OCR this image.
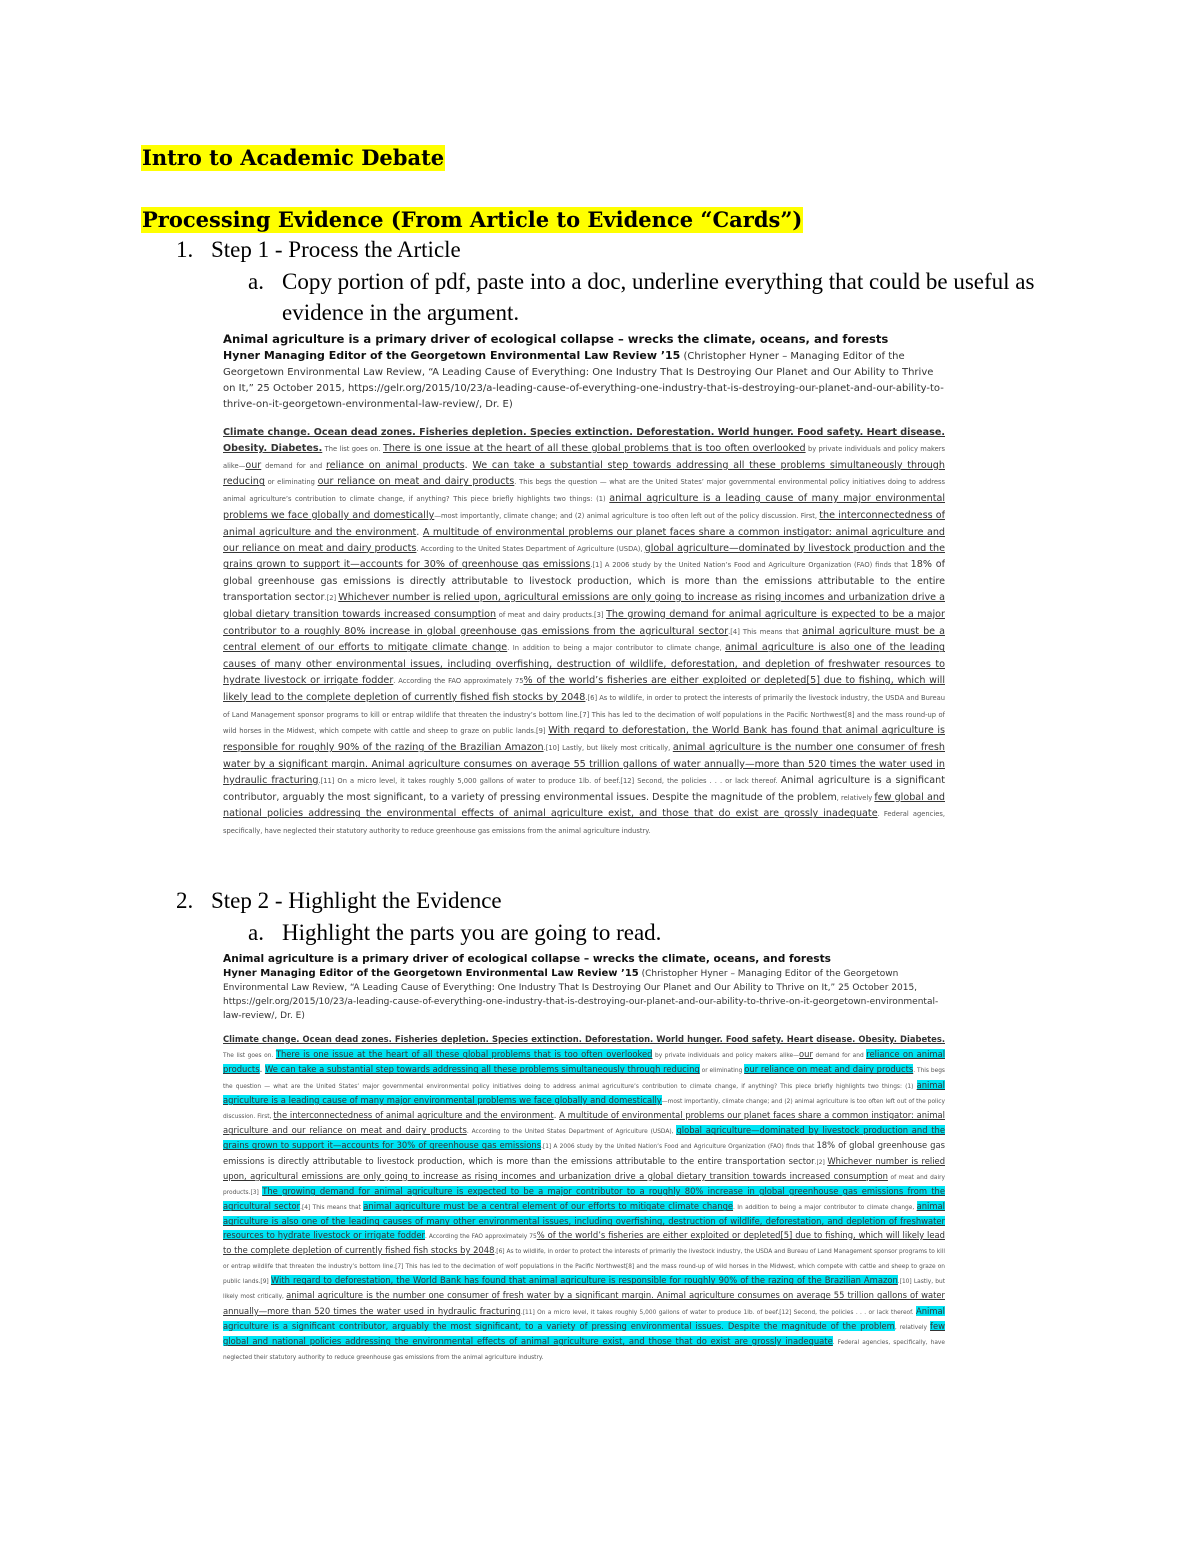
Intro to Academic Debate
Processing Evidence (From Article to Evidence “Cards”)
1. Step 1 - Process the Article
a. Copy portion of pdf, paste into a doc, underline everything that could be useful as evidence in the argument.

Animal agriculture is a primary driver of ecological collapse – wrecks the climate, oceans, and forests

Hyner Managing Editor of the Georgetown Environmental Law Review ’15 (Christopher Hyner – Managing Editor of the Georgetown Environmental Law Review, “A Leading Cause of Everything: One Industry That Is Destroying Our Planet and Our Ability to Thrive on It,” 25 October 2015, https://gelr.org/2015/10/23/a-leading-cause-of-everything-one-industry-that-is-destroying-our-planet-and-our-ability-to-thrive-on-it-georgetown-environmental-law-review/, Dr. E)

Climate change. Ocean dead zones. Fisheries depletion. Species extinction. Deforestation. World hunger. Food safety. Heart disease. Obesity. Diabetes. The list goes on. There is one issue at the heart of all these global problems that is too often overlooked by private individuals and policy makers alike—our demand for and reliance on animal products. We can take a substantial step towards addressing all these problems simultaneously through reducing or eliminating our reliance on meat and dairy products. This begs the question — what are the United States’ major governmental environmental policy initiatives doing to address animal agriculture’s contribution to climate change, if anything? This piece briefly highlights two things: (1) animal agriculture is a leading cause of many major environmental problems we face globally and domestically—most importantly, climate change; and (2) animal agriculture is too often left out of the policy discussion. First, the interconnectedness of animal agriculture and the environment. A multitude of environmental problems our planet faces share a common instigator: animal agriculture and our reliance on meat and dairy products. According to the United States Department of Agriculture (USDA), global agriculture—dominated by livestock production and the grains grown to support it—accounts for 30% of greenhouse gas emissions.[1] A 2006 study by the United Nation’s Food and Agriculture Organization (FAO) finds that 18% of global greenhouse gas emissions is directly attributable to livestock production, which is more than the emissions attributable to the entire transportation sector.[2] Whichever number is relied upon, agricultural emissions are only going to increase as rising incomes and urbanization drive a global dietary transition towards increased consumption of meat and dairy products.[3] The growing demand for animal agriculture is expected to be a major contributor to a roughly 80% increase in global greenhouse gas emissions from the agricultural sector.[4] This means that animal agriculture must be a central element of our efforts to mitigate climate change. In addition to being a major contributor to climate change, animal agriculture is also one of the leading causes of many other environmental issues, including overfishing, destruction of wildlife, deforestation, and depletion of freshwater resources to hydrate livestock or irrigate fodder. According the FAO approximately 75% of the world’s fisheries are either exploited or depleted[5] due to fishing, which will likely lead to the complete depletion of currently fished fish stocks by 2048.[6] As to wildlife, in order to protect the interests of primarily the livestock industry, the USDA and Bureau of Land Management sponsor programs to kill or entrap wildlife that threaten the industry’s bottom line.[7] This has led to the decimation of wolf populations in the Pacific Northwest[8] and the mass round-up of wild horses in the Midwest, which compete with cattle and sheep to graze on public lands.[9] With regard to deforestation, the World Bank has found that animal agriculture is responsible for roughly 90% of the razing of the Brazilian Amazon.[10] Lastly, but likely most critically, animal agriculture is the number one consumer of fresh water by a significant margin. Animal agriculture consumes on average 55 trillion gallons of water annually—more than 520 times the water used in hydraulic fracturing.[11] On a micro level, it takes roughly 5,000 gallons of water to produce 1lb. of beef.[12] Second, the policies . . . or lack thereof. Animal agriculture is a significant contributor, arguably the most significant, to a variety of pressing environmental issues. Despite the magnitude of the problem, relatively few global and national policies addressing the environmental effects of animal agriculture exist, and those that do exist are grossly inadequate. Federal agencies, specifically, have neglected their statutory authority to reduce greenhouse gas emissions from the animal agriculture industry.

2. Step 2 - Highlight the Evidence
a. Highlight the parts you are going to read.

Animal agriculture is a primary driver of ecological collapse – wrecks the climate, oceans, and forests

Hyner Managing Editor of the Georgetown Environmental Law Review ’15 (Christopher Hyner – Managing Editor of the Georgetown Environmental Law Review, “A Leading Cause of Everything: One Industry That Is Destroying Our Planet and Our Ability to Thrive on It,” 25 October 2015, https://gelr.org/2015/10/23/a-leading-cause-of-everything-one-industry-that-is-destroying-our-planet-and-our-ability-to-thrive-on-it-georgetown-environmental-law-review/, Dr. E)

Climate change. Ocean dead zones. Fisheries depletion. Species extinction. Deforestation. World hunger. Food safety. Heart disease. Obesity. Diabetes. The list goes on. There is one issue at the heart of all these global problems that is too often overlooked by private individuals and policy makers alike—our demand for and reliance on animal products. We can take a substantial step towards addressing all these problems simultaneously through reducing or eliminating our reliance on meat and dairy products. This begs the question — what are the United States’ major governmental environmental policy initiatives doing to address animal agriculture’s contribution to climate change, if anything? This piece briefly highlights two things: (1) animal agriculture is a leading cause of many major environmental problems we face globally and domestically—most importantly, climate change; and (2) animal agriculture is too often left out of the policy discussion. First, the interconnectedness of animal agriculture and the environment. A multitude of environmental problems our planet faces share a common instigator: animal agriculture and our reliance on meat and dairy products. According to the United States Department of Agriculture (USDA), global agriculture—dominated by livestock production and the grains grown to support it—accounts for 30% of greenhouse gas emissions.[1] A 2006 study by the United Nation’s Food and Agriculture Organization (FAO) finds that 18% of global greenhouse gas emissions is directly attributable to livestock production, which is more than the emissions attributable to the entire transportation sector.[2] Whichever number is relied upon, agricultural emissions are only going to increase as rising incomes and urbanization drive a global dietary transition towards increased consumption of meat and dairy products.[3] The growing demand for animal agriculture is expected to be a major contributor to a roughly 80% increase in global greenhouse gas emissions from the agricultural sector.[4] This means that animal agriculture must be a central element of our efforts to mitigate climate change. In addition to being a major contributor to climate change, animal agriculture is also one of the leading causes of many other environmental issues, including overfishing, destruction of wildlife, deforestation, and depletion of freshwater resources to hydrate livestock or irrigate fodder. According the FAO approximately 75% of the world’s fisheries are either exploited or depleted[5] due to fishing, which will likely lead to the complete depletion of currently fished fish stocks by 2048.[6] As to wildlife, in order to protect the interests of primarily the livestock industry, the USDA and Bureau of Land Management sponsor programs to kill or entrap wildlife that threaten the industry’s bottom line.[7] This has led to the decimation of wolf populations in the Pacific Northwest[8] and the mass round-up of wild horses in the Midwest, which compete with cattle and sheep to graze on public lands.[9] With regard to deforestation, the World Bank has found that animal agriculture is responsible for roughly 90% of the razing of the Brazilian Amazon.[10] Lastly, but likely most critically, animal agriculture is the number one consumer of fresh water by a significant margin. Animal agriculture consumes on average 55 trillion gallons of water annually—more than 520 times the water used in hydraulic fracturing.[11] On a micro level, it takes roughly 5,000 gallons of water to produce 1lb. of beef.[12] Second, the policies . . . or lack thereof. Animal agriculture is a significant contributor, arguably the most significant, to a variety of pressing environmental issues. Despite the magnitude of the problem, relatively few global and national policies addressing the environmental effects of animal agriculture exist, and those that do exist are grossly inadequate. Federal agencies, specifically, have neglected their statutory authority to reduce greenhouse gas emissions from the animal agriculture industry.
